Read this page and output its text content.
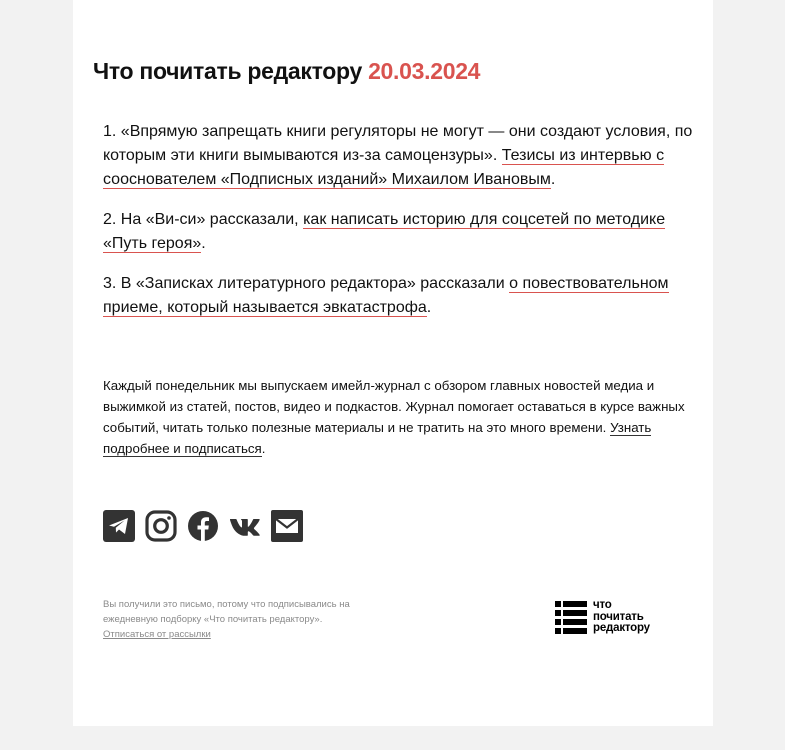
Что почитать редактору 20.03.2024

1. «Впрямую запрещать книги регуляторы не могут — они создают условия, по которым эти книги вымываются из-за самоцензуры». Тезисы из интервью с сооснователем «Подписных изданий» Михаилом Ивановым.

2. На «Ви-си» рассказали, как написать историю для соцсетей по методике «Путь героя».

3. В «Записках литературного редактора» рассказали о повествовательном приеме, который называется эвкатастрофа.

Каждый понедельник мы выпускаем имейл-журнал с обзором главных новостей медиа и выжимкой из статей, постов, видео и подкастов. Журнал помогает оставаться в курсе важных событий, читать только полезные материалы и не тратить на это много времени. Узнать подробнее и подписаться.

Вы получили это письмо, потому что подписывались на ежедневную подборку «Что почитать редактору».
Отписаться от рассылки

что
почитать
редактору
